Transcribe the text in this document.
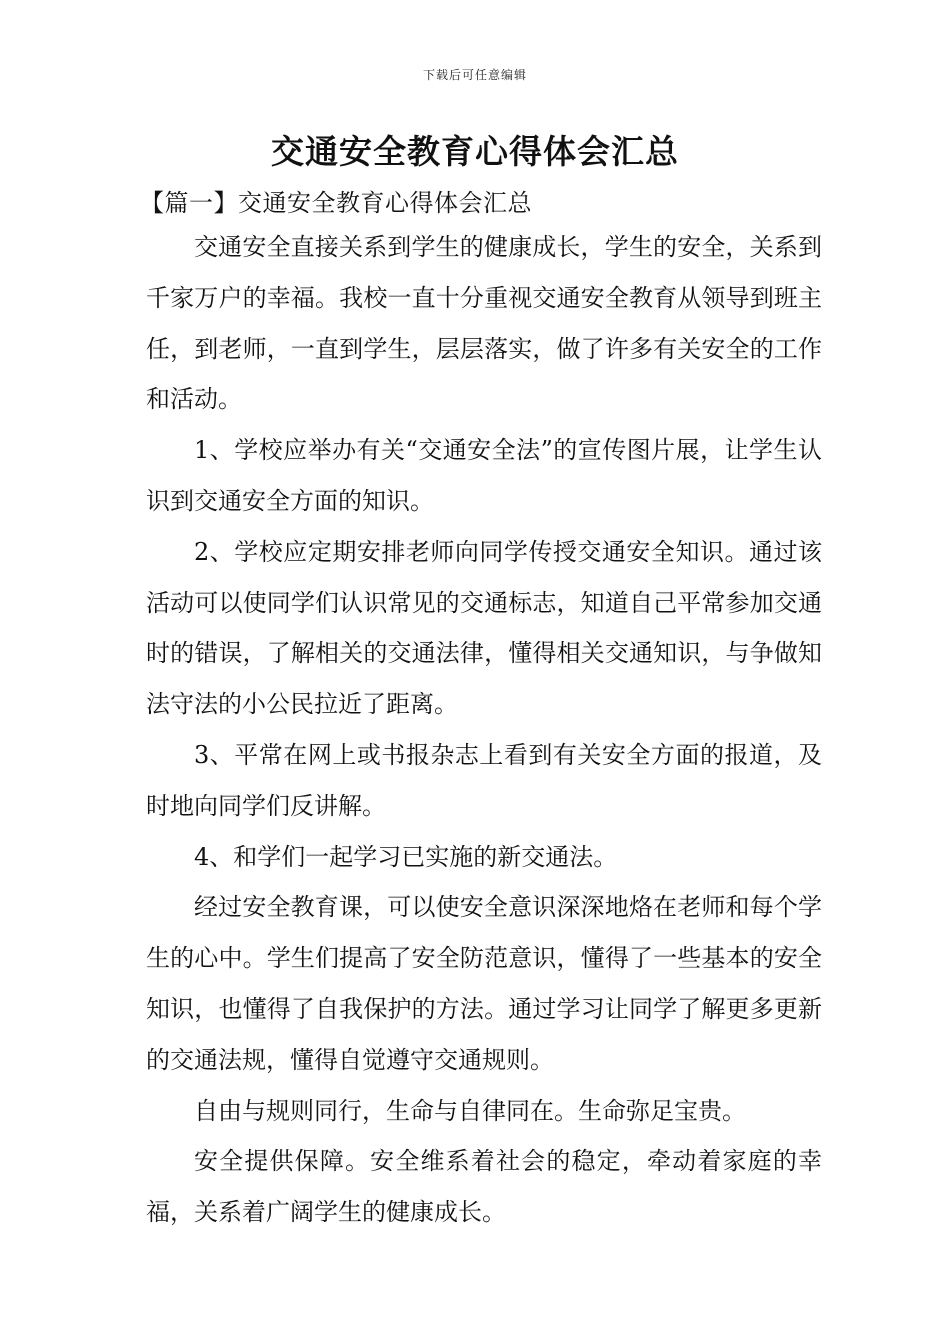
下载后可任意编辑
交通安全教育心得体会汇总
【篇一】交通安全教育心得体会汇总

交通安全直接关系到学生的健康成长，学生的安全，关系到千家万户的幸福。我校一直十分重视交通安全教育从领导到班主任，到老师，一直到学生，层层落实，做了许多有关安全的工作和活动。

1、学校应举办有关“交通安全法”的宣传图片展，让学生认识到交通安全方面的知识。

2、学校应定期安排老师向同学传授交通安全知识。通过该活动可以使同学们认识常见的交通标志，知道自己平常参加交通时的错误，了解相关的交通法律，懂得相关交通知识，与争做知法守法的小公民拉近了距离。

3、平常在网上或书报杂志上看到有关安全方面的报道，及时地向同学们反讲解。

4、和学们一起学习已实施的新交通法。

经过安全教育课，可以使安全意识深深地烙在老师和每个学生的心中。学生们提高了安全防范意识，懂得了一些基本的安全知识，也懂得了自我保护的方法。通过学习让同学了解更多更新的交通法规，懂得自觉遵守交通规则。

自由与规则同行，生命与自律同在。生命弥足宝贵。

安全提供保障。安全维系着社会的稳定，牵动着家庭的幸福，关系着广阔学生的健康成长。
